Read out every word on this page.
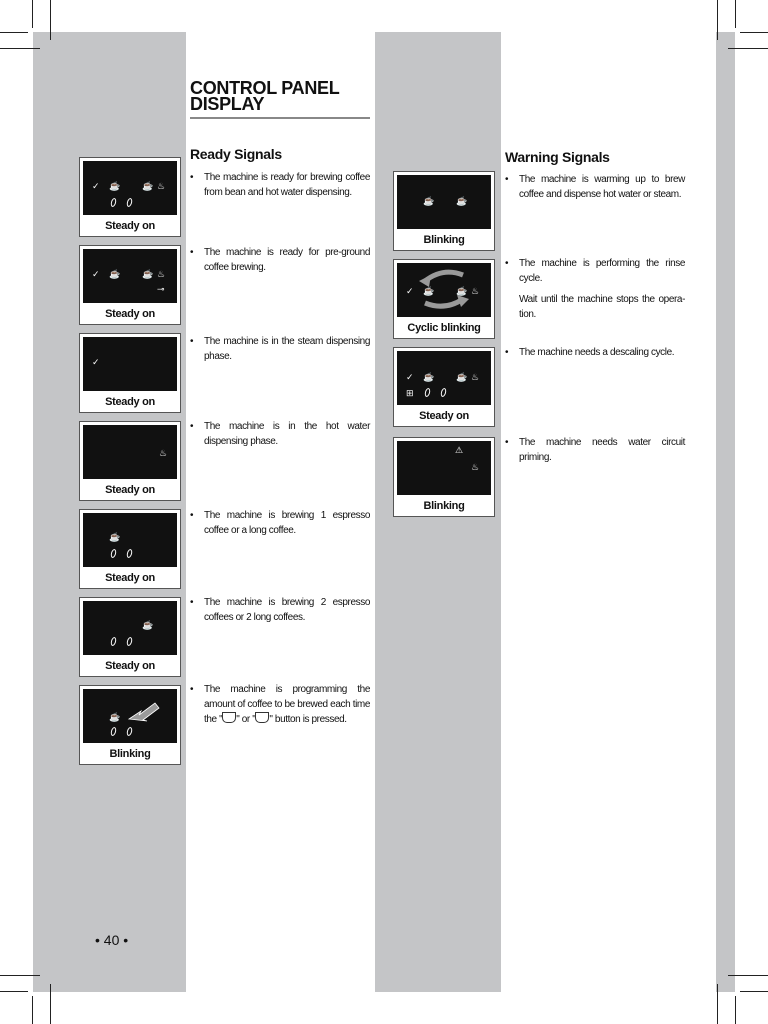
CONTROL PANEL
DISPLAY
Ready Signals	Warning Signals
✓ ☕ ☕ ♨
Steady on
✓ ☕ ☕ ♨
⊸
Steady on
✓
Steady on
♨
Steady on
☕
Steady on
☕
Steady on
☕
Blinking
• The machine is ready for brewing coffee from bean and hot water dispensing.
• The machine is ready for pre-ground coffee brewing.
• The machine is in the steam dispensing phase.
• The machine is in the hot water dispensing phase.
• The machine is brewing 1 espresso coffee or a long coffee.
• The machine is brewing 2 espresso coffees or 2 long coffees.
• The machine is programming the amount of coffee to be brewed each time the " " or " " button is pressed.
☕ ☕
Blinking
✓ ☕ ☕ ♨
Cyclic blinking
✓ ☕ ☕ ♨
⊞
Steady on
⚠
♨
Blinking
• The machine is warming up to brew coffee and dispense hot water or steam.
• The machine is performing the rinse cycle.
Wait until the machine stops the opera-tion.
• The machine needs a descaling cycle.
• The machine needs water circuit priming.
• 40 •
